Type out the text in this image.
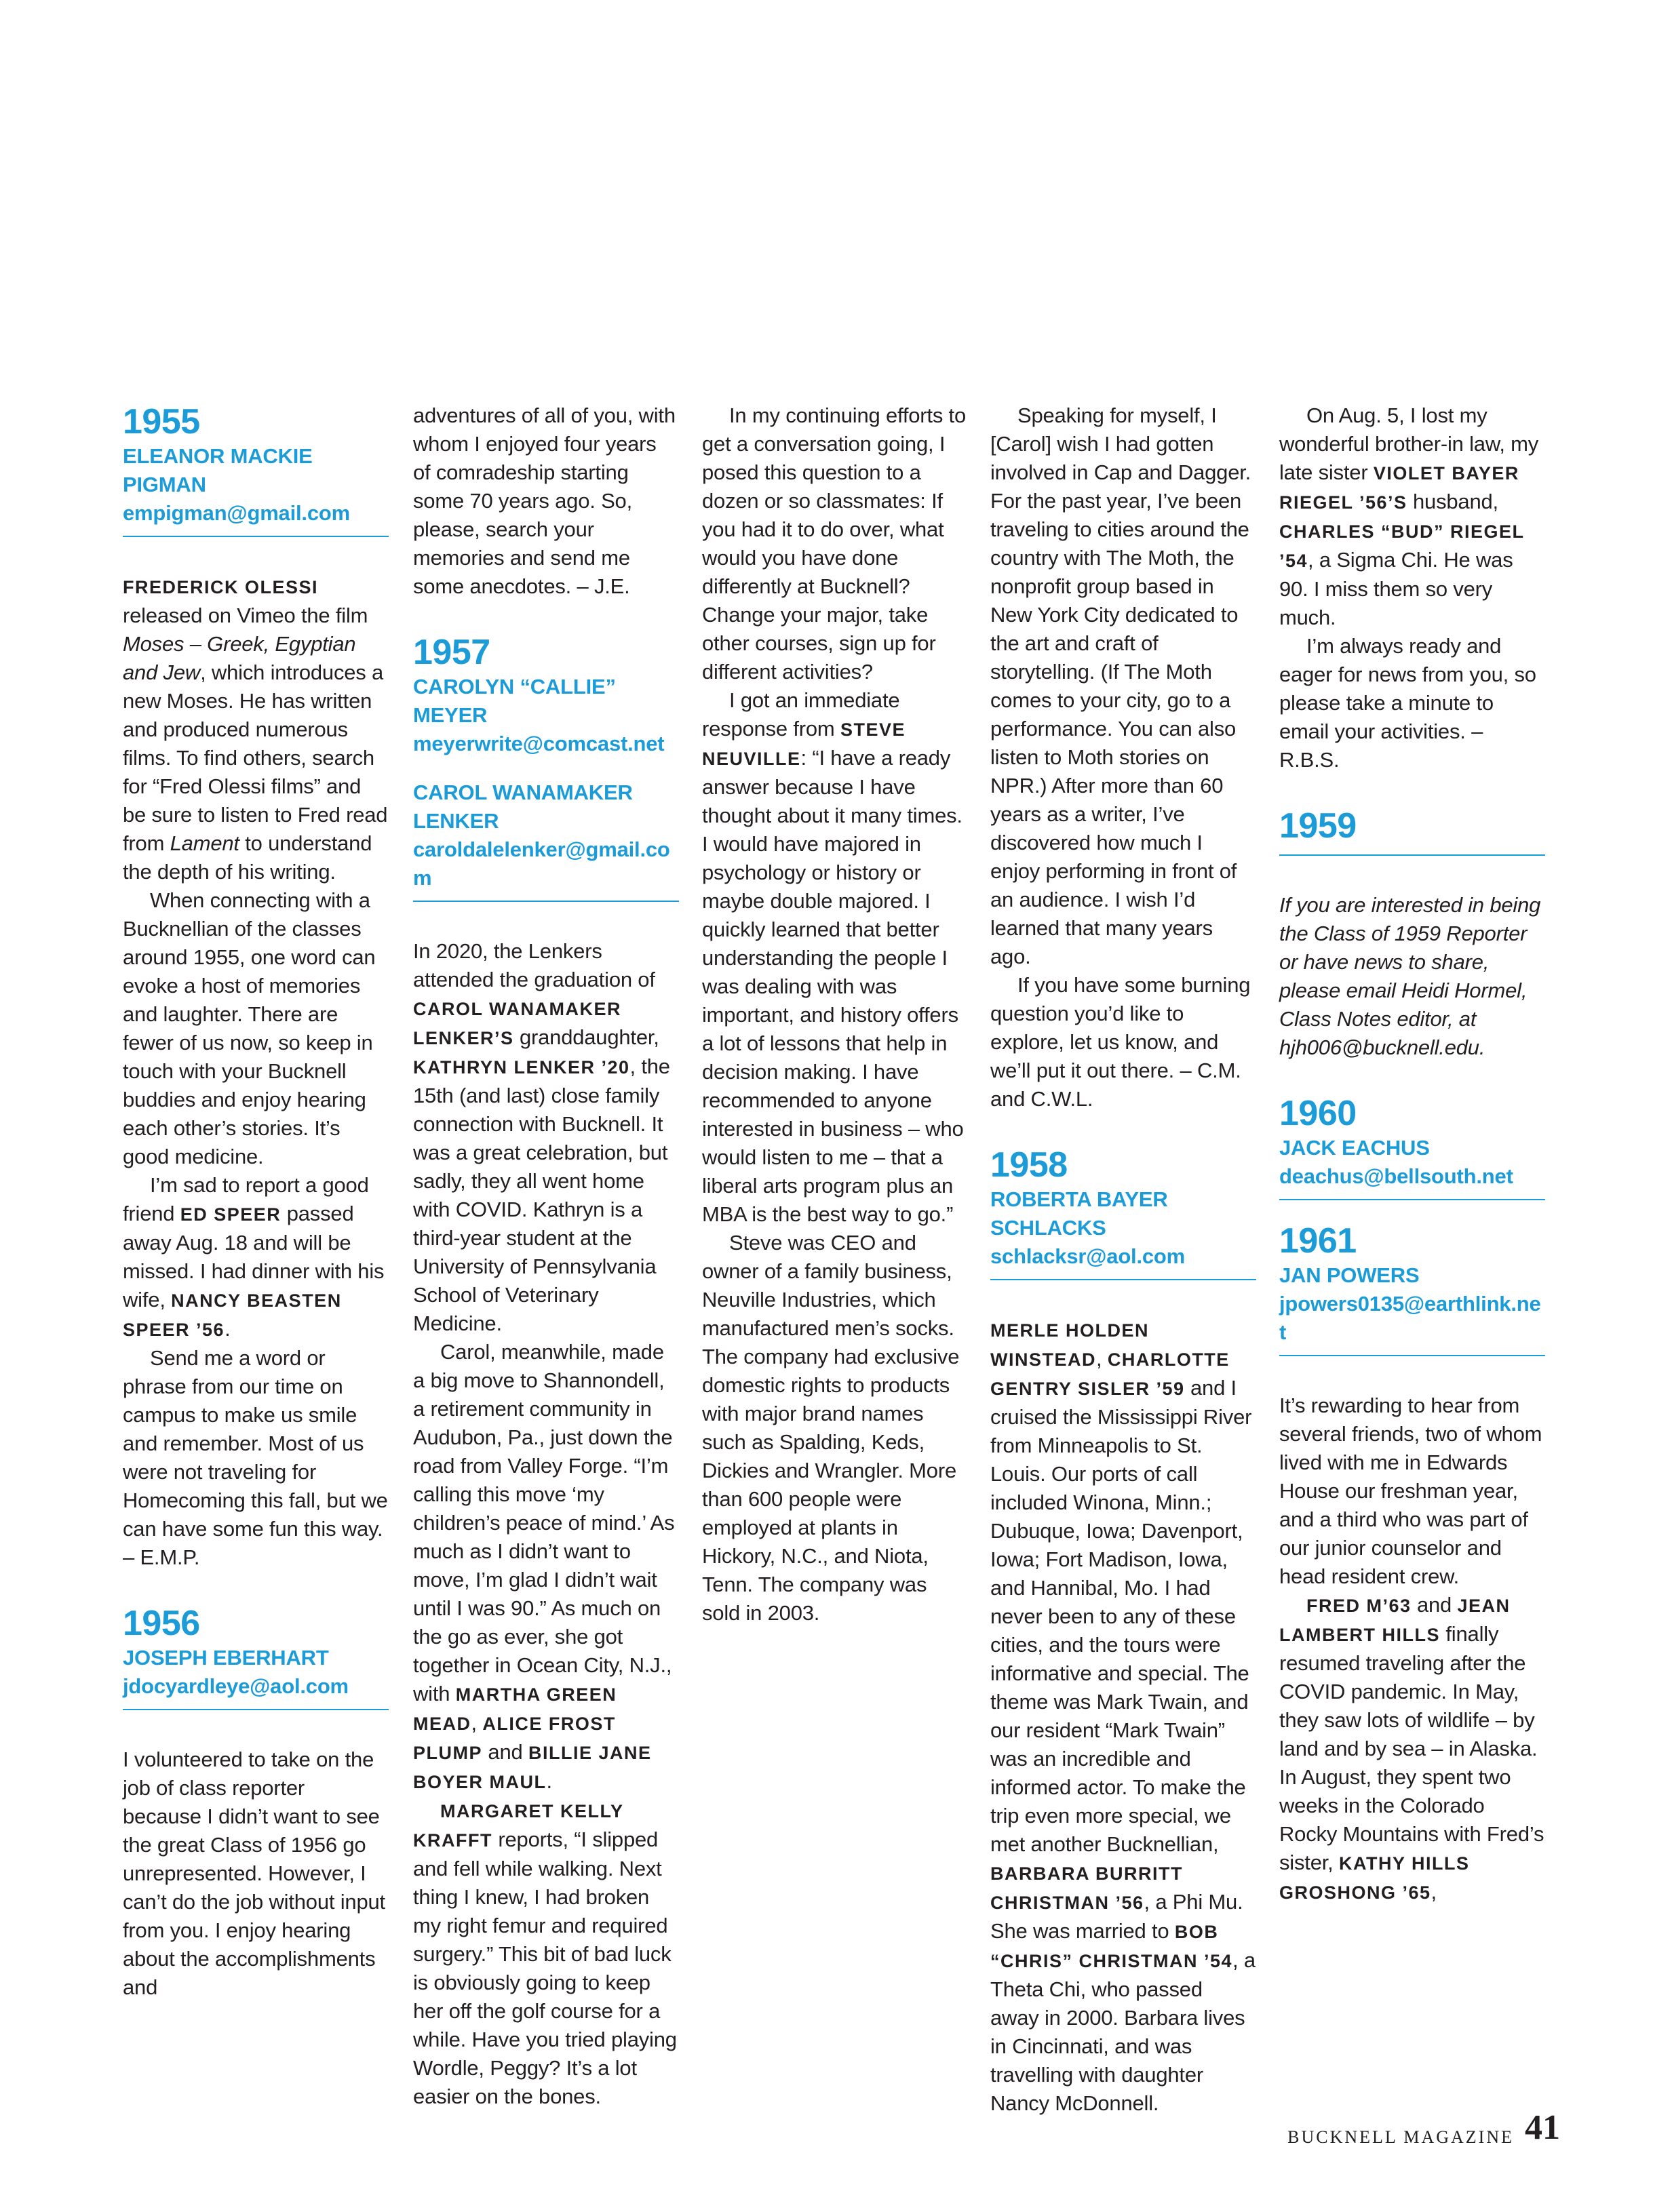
1955
ELEANOR MACKIE PIGMAN
empigman@gmail.com

FREDERICK OLESSI released on Vimeo the film Moses – Greek, Egyptian and Jew, which introduces a new Moses. He has written and produced numerous films. To find others, search for “Fred Olessi films” and be sure to listen to Fred read from Lament to understand the depth of his writing.

When connecting with a Bucknellian of the classes around 1955, one word can evoke a host of memories and laughter. There are fewer of us now, so keep in touch with your Bucknell buddies and enjoy hearing each other’s stories. It’s good medicine.

I’m sad to report a good friend ED SPEER passed away Aug. 18 and will be missed. I had dinner with his wife, NANCY BEASTEN SPEER ’56.

Send me a word or phrase from our time on campus to make us smile and remember. Most of us were not traveling for Homecoming this fall, but we can have some fun this way. – E.M.P.

1956
JOSEPH EBERHART
jdocyardleye@aol.com

I volunteered to take on the job of class reporter because I didn’t want to see the great Class of 1956 go unrepresented. However, I can’t do the job without input from you. I enjoy hearing about the accomplishments and

adventures of all of you, with whom I enjoyed four years of comradeship starting some 70 years ago. So, please, search your memories and send me some anecdotes. – J.E.

1957
CAROLYN “CALLIE” MEYER
meyerwrite@comcast.net
CAROL WANAMAKER LENKER
caroldalelenker@gmail.com

In 2020, the Lenkers attended the graduation of CAROL WANAMAKER LENKER’S granddaughter, KATHRYN LENKER ’20, the 15th (and last) close family connection with Bucknell. It was a great celebration, but sadly, they all went home with COVID. Kathryn is a third-year student at the University of Pennsylvania School of Veterinary Medicine.

Carol, meanwhile, made a big move to Shannondell, a retirement community in Audubon, Pa., just down the road from Valley Forge. “I’m calling this move ‘my children’s peace of mind.’ As much as I didn’t want to move, I’m glad I didn’t wait until I was 90.” As much on the go as ever, she got together in Ocean City, N.J., with MARTHA GREEN MEAD, ALICE FROST PLUMP and BILLIE JANE BOYER MAUL.

MARGARET KELLY KRAFFT reports, “I slipped and fell while walking. Next thing I knew, I had broken my right femur and required surgery.” This bit of bad luck is obviously going to keep her off the golf course for a while. Have you tried playing Wordle, Peggy? It’s a lot easier on the bones.

In my continuing efforts to get a conversation going, I posed this question to a dozen or so classmates: If you had it to do over, what would you have done differently at Bucknell? Change your major, take other courses, sign up for different activities?

I got an immediate response from STEVE NEUVILLE: “I have a ready answer because I have thought about it many times. I would have majored in psychology or history or maybe double majored. I quickly learned that better understanding the people I was dealing with was important, and history offers a lot of lessons that help in decision making. I have recommended to anyone interested in business – who would listen to me – that a liberal arts program plus an MBA is the best way to go.”

Steve was CEO and owner of a family business, Neuville Industries, which manufactured men’s socks. The company had exclusive domestic rights to products with major brand names such as Spalding, Keds, Dickies and Wrangler. More than 600 people were employed at plants in Hickory, N.C., and Niota, Tenn. The company was sold in 2003.

Speaking for myself, I [Carol] wish I had gotten involved in Cap and Dagger. For the past year, I’ve been traveling to cities around the country with The Moth, the nonprofit group based in New York City dedicated to the art and craft of storytelling. (If The Moth comes to your city, go to a performance. You can also listen to Moth stories on NPR.) After more than 60 years as a writer, I’ve discovered how much I enjoy performing in front of an audience. I wish I’d learned that many years ago.

If you have some burning question you’d like to explore, let us know, and we’ll put it out there. – C.M. and C.W.L.

1958
ROBERTA BAYER SCHLACKS
schlacksr@aol.com

MERLE HOLDEN WINSTEAD, CHARLOTTE GENTRY SISLER ’59 and I cruised the Mississippi River from Minneapolis to St. Louis. Our ports of call included Winona, Minn.; Dubuque, Iowa; Davenport, Iowa; Fort Madison, Iowa, and Hannibal, Mo. I had never been to any of these cities, and the tours were informative and special. The theme was Mark Twain, and our resident “Mark Twain” was an incredible and informed actor. To make the trip even more special, we met another Bucknellian, BARBARA BURRITT CHRISTMAN ’56, a Phi Mu. She was married to BOB “CHRIS” CHRISTMAN ’54, a Theta Chi, who passed away in 2000. Barbara lives in Cincinnati, and was travelling with daughter Nancy McDonnell.

On Aug. 5, I lost my wonderful brother-in law, my late sister VIOLET BAYER RIEGEL ’56’S husband, CHARLES “BUD” RIEGEL ’54, a Sigma Chi. He was 90. I miss them so very much.

I’m always ready and eager for news from you, so please take a minute to email your activities. – R.B.S.

1959

If you are interested in being the Class of 1959 Reporter or have news to share, please email Heidi Hormel, Class Notes editor, at hjh006@bucknell.edu.

1960
JACK EACHUS
deachus@bellsouth.net
1961
JAN POWERS
jpowers0135@earthlink.net

It’s rewarding to hear from several friends, two of whom lived with me in Edwards House our freshman year, and a third who was part of our junior counselor and head resident crew.

FRED M’63 and JEAN LAMBERT HILLS finally resumed traveling after the COVID pandemic. In May, they saw lots of wildlife – by land and by sea – in Alaska. In August, they spent two weeks in the Colorado Rocky Mountains with Fred’s sister, KATHY HILLS GROSHONG ’65,

BUCKNELL MAGAZINE 41
